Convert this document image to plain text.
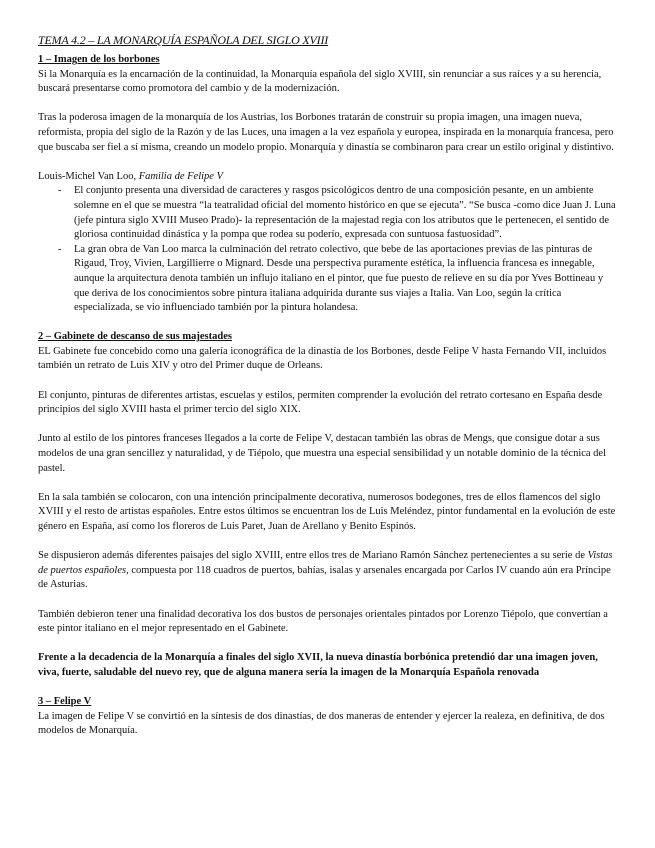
TEMA 4.2 – LA MONARQUÍA ESPAÑOLA DEL SIGLO XVIII
1 – Imagen de los borbones

Si la Monarquía es la encarnación de la continuidad, la Monarquía española del siglo XVIII, sin renunciar a sus raíces y a su herencia, buscará presentarse como promotora del cambio y de la modernización.

Tras la poderosa imagen de la monarquía de los Austrias, los Borbones tratarán de construir su propia imagen, una imagen nueva, reformista, propia del siglo de la Razón y de las Luces, una imagen a la vez española y europea, inspirada en la monarquía francesa, pero que buscaba ser fiel a sí misma, creando un modelo propio. Monarquía y dinastía se combinaron para crear un estilo original y distintivo.

Louis-Michel Van Loo, Familia de Felipe V

- El conjunto presenta una diversidad de caracteres y rasgos psicológicos dentro de una composición pesante, en un ambiente solemne en el que se muestra “la teatralidad oficial del momento histórico en que se ejecuta”. “Se busca -como dice Juan J. Luna (jefe pintura siglo XVIII Museo Prado)- la representación de la majestad regia con los atributos que le pertenecen, el sentido de gloriosa continuidad dinástica y la pompa que rodea su poderío, expresada con suntuosa fastuosidad”.
- La gran obra de Van Loo marca la culminación del retrato colectivo, que bebe de las aportaciones previas de las pinturas de Rigaud, Troy, Vivien, Largillierre o Mignard. Desde una perspectiva puramente estética, la influencia francesa es innegable, aunque la arquitectura denota también un influjo italiano en el pintor, que fue puesto de relieve en su día por Yves Bottineau y que deriva de los conocimientos sobre pintura italiana adquirida durante sus viajes a Italia. Van Loo, según la crítica especializada, se vio influenciado también por la pintura holandesa.
2 – Gabinete de descanso de sus majestades

EL Gabinete fue concebido como una galería iconográfica de la dinastía de los Borbones, desde Felipe V hasta Fernando VII, incluidos también un retrato de Luis XIV y otro del Primer duque de Orleans.

El conjunto, pinturas de diferentes artistas, escuelas y estilos, permiten comprender la evolución del retrato cortesano en España desde principios del siglo XVIII hasta el primer tercio del siglo XIX.

Junto al estilo de los pintores franceses llegados a la corte de Felipe V, destacan también las obras de Mengs, que consigue dotar a sus modelos de una gran sencillez y naturalidad, y de Tiépolo, que muestra una especial sensibilidad y un notable dominio de la técnica del pastel.

En la sala también se colocaron, con una intención principalmente decorativa, numerosos bodegones, tres de ellos flamencos del siglo XVIII y el resto de artistas españoles. Entre estos últimos se encuentran los de Luis Meléndez, pintor fundamental en la evolución de este género en España, así como los floreros de Luis Paret, Juan de Arellano y Benito Espinós.

Se dispusieron además diferentes paisajes del siglo XVIII, entre ellos tres de Mariano Ramón Sánchez pertenecientes a su serie de Vistas de puertos españoles, compuesta por 118 cuadros de puertos, bahías, isalas y arsenales encargada por Carlos IV cuando aún era Príncipe de Asturias.

También debieron tener una finalidad decorativa los dos bustos de personajes orientales pintados por Lorenzo Tiépolo, que convertían a este pintor italiano en el mejor representado en el Gabinete.

Frente a la decadencia de la Monarquía a finales del siglo XVII, la nueva dinastía borbónica pretendió dar una imagen joven, viva, fuerte, saludable del nuevo rey, que de alguna manera sería la imagen de la Monarquía Española renovada

3 – Felipe V

La imagen de Felipe V se convirtió en la síntesis de dos dinastías, de dos maneras de entender y ejercer la realeza, en definitiva, de dos modelos de Monarquía.
